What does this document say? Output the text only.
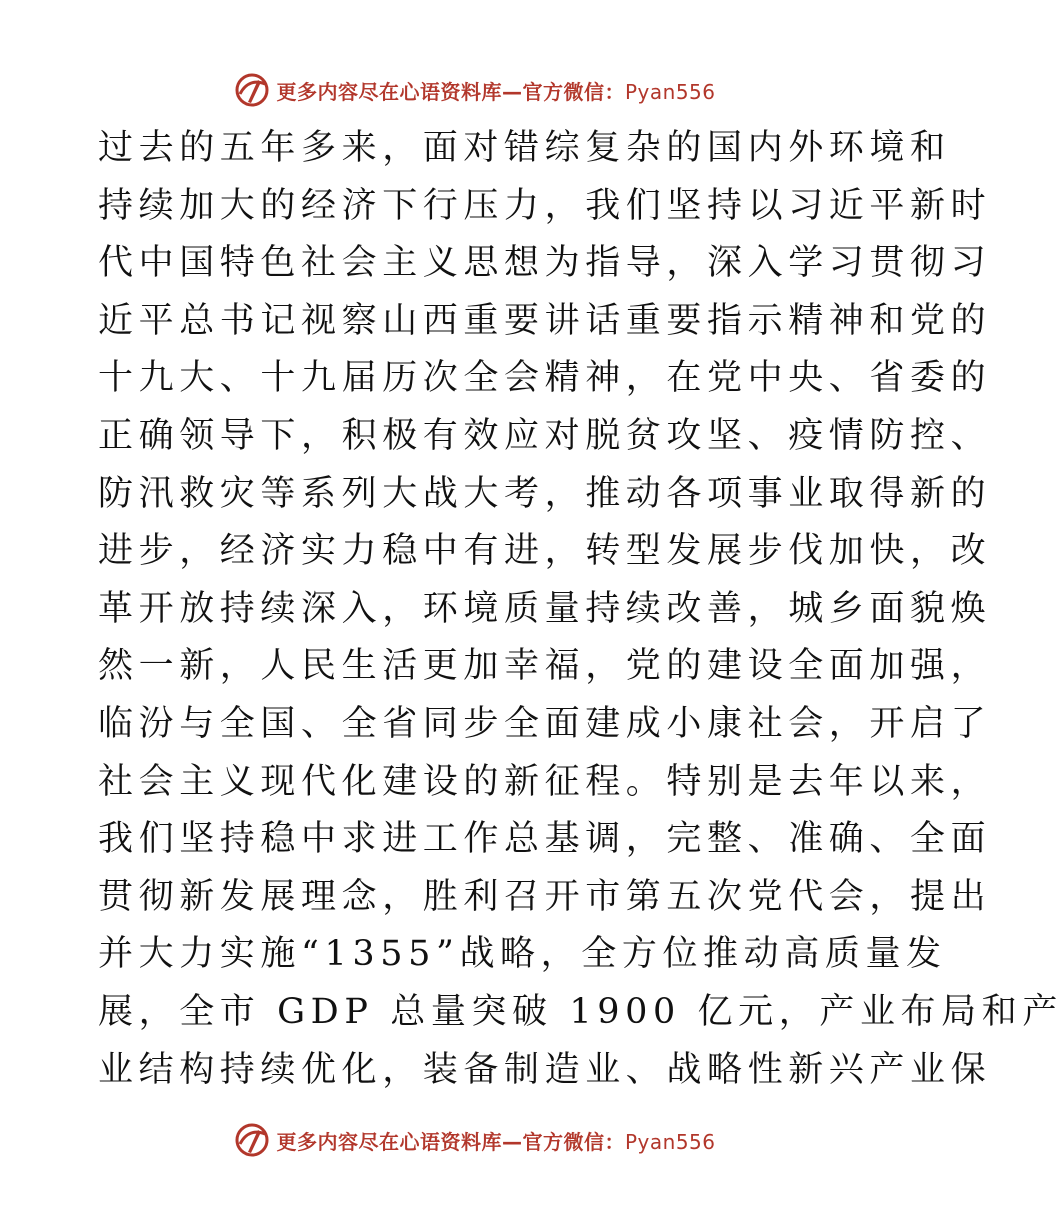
更多内容尽在心语资料库—官方微信：Pyan556
过去的五年多来，面对错综复杂的国内外环境和
持续加大的经济下行压力，我们坚持以习近平新时
代中国特色社会主义思想为指导，深入学习贯彻习
近平总书记视察山西重要讲话重要指示精神和党的
十九大、十九届历次全会精神，在党中央、省委的
正确领导下，积极有效应对脱贫攻坚、疫情防控、
防汛救灾等系列大战大考，推动各项事业取得新的
进步，经济实力稳中有进，转型发展步伐加快，改
革开放持续深入，环境质量持续改善，城乡面貌焕
然一新，人民生活更加幸福，党的建设全面加强，
临汾与全国、全省同步全面建成小康社会，开启了
社会主义现代化建设的新征程。特别是去年以来，
我们坚持稳中求进工作总基调，完整、准确、全面
贯彻新发展理念，胜利召开市第五次党代会，提出
并大力实施“1355”战略，全方位推动高质量发
展，全市 GDP 总量突破 1900 亿元，产业布局和产
业结构持续优化，装备制造业、战略性新兴产业保
更多内容尽在心语资料库—官方微信：Pyan556
